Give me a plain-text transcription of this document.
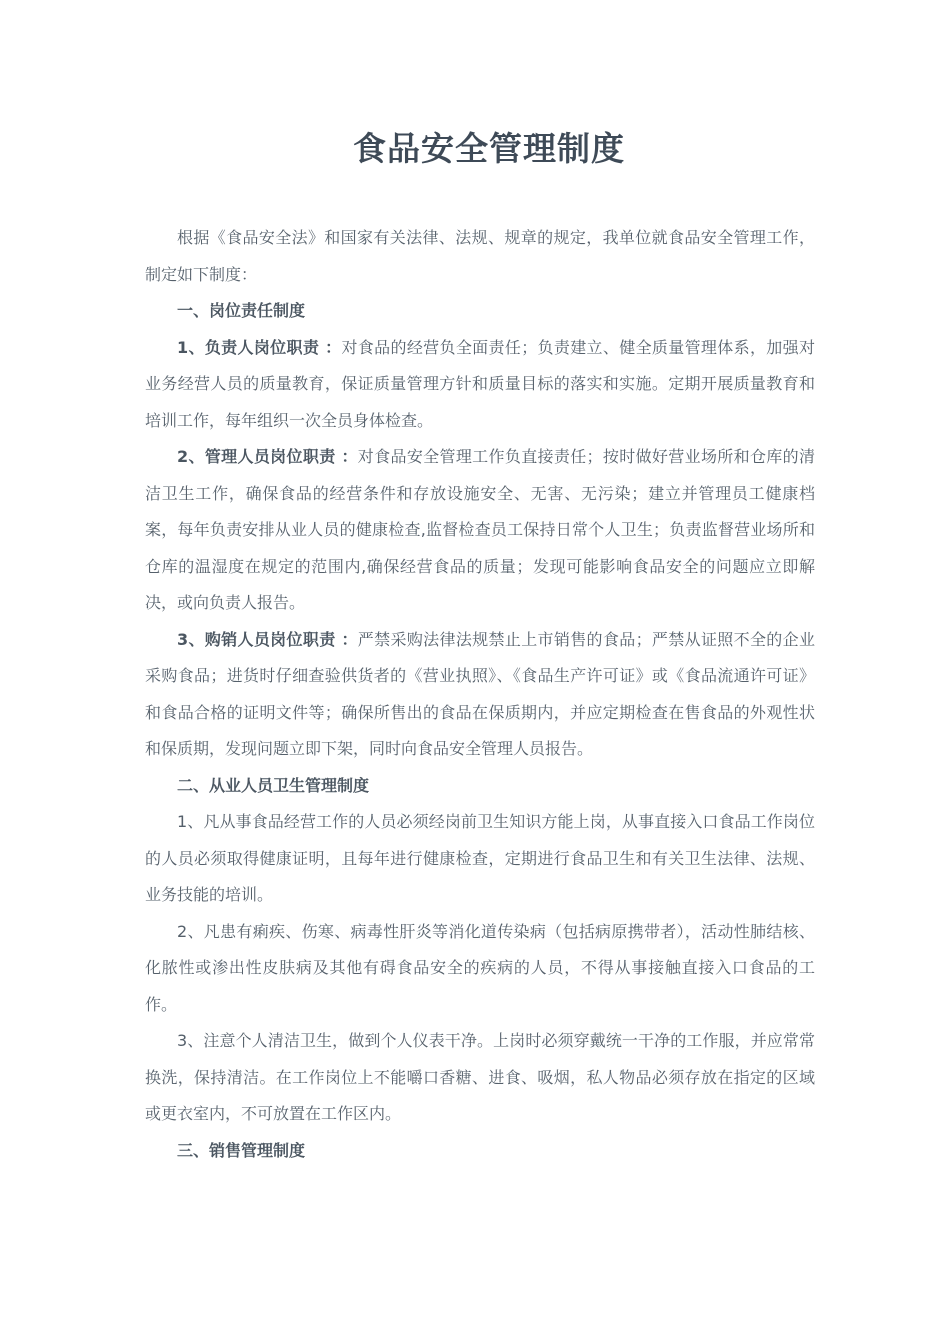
食品安全管理制度

根据《食品安全法》和国家有关法律、法规、规章的规定，我单位就食品安全管理工作，制定如下制度：

一、岗位责任制度

1、负责人岗位职责 ：对食品的经营负全面责任；负责建立、健全质量管理体系，加强对业务经营人员的质量教育，保证质量管理方针和质量目标的落实和实施。定期开展质量教育和培训工作，每年组织一次全员身体检查。

2、管理人员岗位职责 ：对食品安全管理工作负直接责任；按时做好营业场所和仓库的清洁卫生工作，确保食品的经营条件和存放设施安全、无害、无污染；建立并管理员工健康档案，每年负责安排从业人员的健康检查,监督检查员工保持日常个人卫生；负责监督营业场所和仓库的温湿度在规定的范围内,确保经营食品的质量；发现可能影响食品安全的问题应立即解决，或向负责人报告。

3、购销人员岗位职责 ：严禁采购法律法规禁止上市销售的食品；严禁从证照不全的企业采购食品；进货时仔细查验供货者的《营业执照》、《食品生产许可证》或《食品流通许可证》和食品合格的证明文件等；确保所售出的食品在保质期内，并应定期检查在售食品的外观性状和保质期，发现问题立即下架，同时向食品安全管理人员报告。

二、从业人员卫生管理制度

1、凡从事食品经营工作的人员必须经岗前卫生知识方能上岗，从事直接入口食品工作岗位的人员必须取得健康证明，且每年进行健康检查，定期进行食品卫生和有关卫生法律、法规、业务技能的培训。

2、凡患有痢疾、伤寒、病毒性肝炎等消化道传染病（包括病原携带者），活动性肺结核、化脓性或渗出性皮肤病及其他有碍食品安全的疾病的人员，不得从事接触直接入口食品的工作。

3、注意个人清洁卫生，做到个人仪表干净。上岗时必须穿戴统一干净的工作服，并应常常换洗，保持清洁。在工作岗位上不能嚼口香糖、进食、吸烟，私人物品必须存放在指定的区域或更衣室内，不可放置在工作区内。

三、销售管理制度
